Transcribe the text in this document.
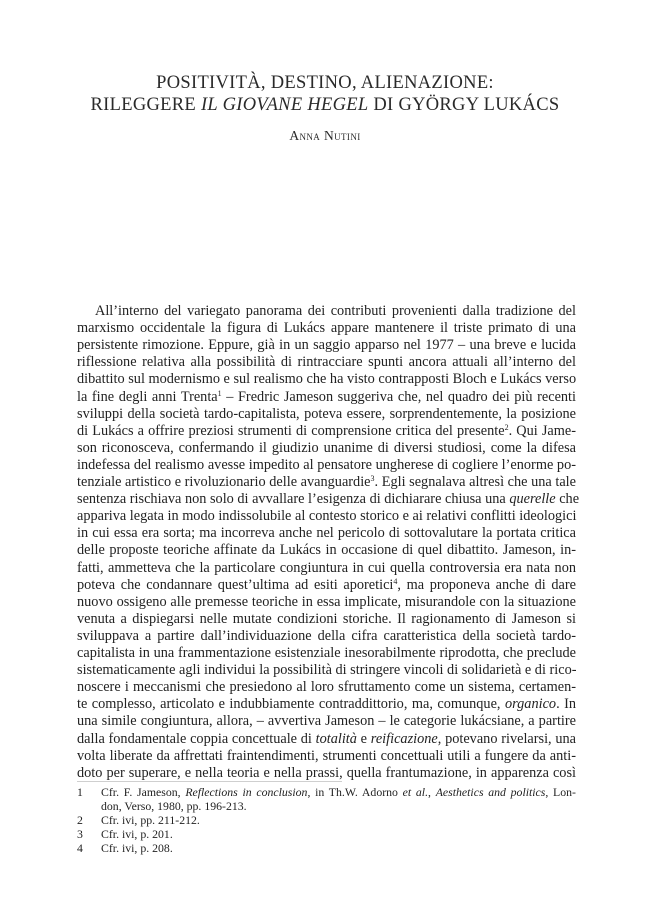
POSITIVITÀ, DESTINO, ALIENAZIONE:
RILEGGERE IL GIOVANE HEGEL DI GYÖRGY LUKÁCS
Anna Nutini
All’interno del variegato panorama dei contributi provenienti dalla tradizione del
marxismo occidentale la figura di Lukács appare mantenere il triste primato di una
persistente rimozione. Eppure, già in un saggio apparso nel 1977 – una breve e lucida
riflessione relativa alla possibilità di rintracciare spunti ancora attuali all’interno del
dibattito sul modernismo e sul realismo che ha visto contrapposti Bloch e Lukács verso
la fine degli anni Trenta$^1$ – Fredric Jameson suggeriva che, nel quadro dei più recenti
sviluppi della società tardo-capitalista, poteva essere, sorprendentemente, la posizione
di Lukács a offrire preziosi strumenti di comprensione critica del presente$^2$. Qui Jame-
son riconosceva, confermando il giudizio unanime di diversi studiosi, come la difesa
indefessa del realismo avesse impedito al pensatore ungherese di cogliere l’enorme po-
tenziale artistico e rivoluzionario delle avanguardie$^3$. Egli segnalava altresì che una tale
sentenza rischiava non solo di avvallare l’esigenza di dichiarare chiusa una querelle che
appariva legata in modo indissolubile al contesto storico e ai relativi conflitti ideologici
in cui essa era sorta; ma incorreva anche nel pericolo di sottovalutare la portata critica
delle proposte teoriche affinate da Lukács in occasione di quel dibattito. Jameson, in-
fatti, ammetteva che la particolare congiuntura in cui quella controversia era nata non
poteva che condannare quest’ultima ad esiti aporetici$^4$, ma proponeva anche di dare
nuovo ossigeno alle premesse teoriche in essa implicate, misurandole con la situazione
venuta a dispiegarsi nelle mutate condizioni storiche. Il ragionamento di Jameson si
sviluppava a partire dall’individuazione della cifra caratteristica della società tardo-
capitalista in una frammentazione esistenziale inesorabilmente riprodotta, che preclude
sistematicamente agli individui la possibilità di stringere vincoli di solidarietà e di rico-
noscere i meccanismi che presiedono al loro sfruttamento come un sistema, certamen-
te complesso, articolato e indubbiamente contraddittorio, ma, comunque, organico. In
una simile congiuntura, allora, – avvertiva Jameson – le categorie lukácsiane, a partire
dalla fondamentale coppia concettuale di totalità e reificazione, potevano rivelarsi, una
volta liberate da affrettati fraintendimenti, strumenti concettuali utili a fungere da anti-
doto per superare, e nella teoria e nella prassi, quella frantumazione, in apparenza così
1 Cfr. F. Jameson, Reflections in conclusion, in Th.W. Adorno et al., Aesthetics and politics, Lon-
don, Verso, 1980, pp. 196-213.
2 Cfr. ivi, pp. 211-212.
3 Cfr. ivi, p. 201.
4 Cfr. ivi, p. 208.
